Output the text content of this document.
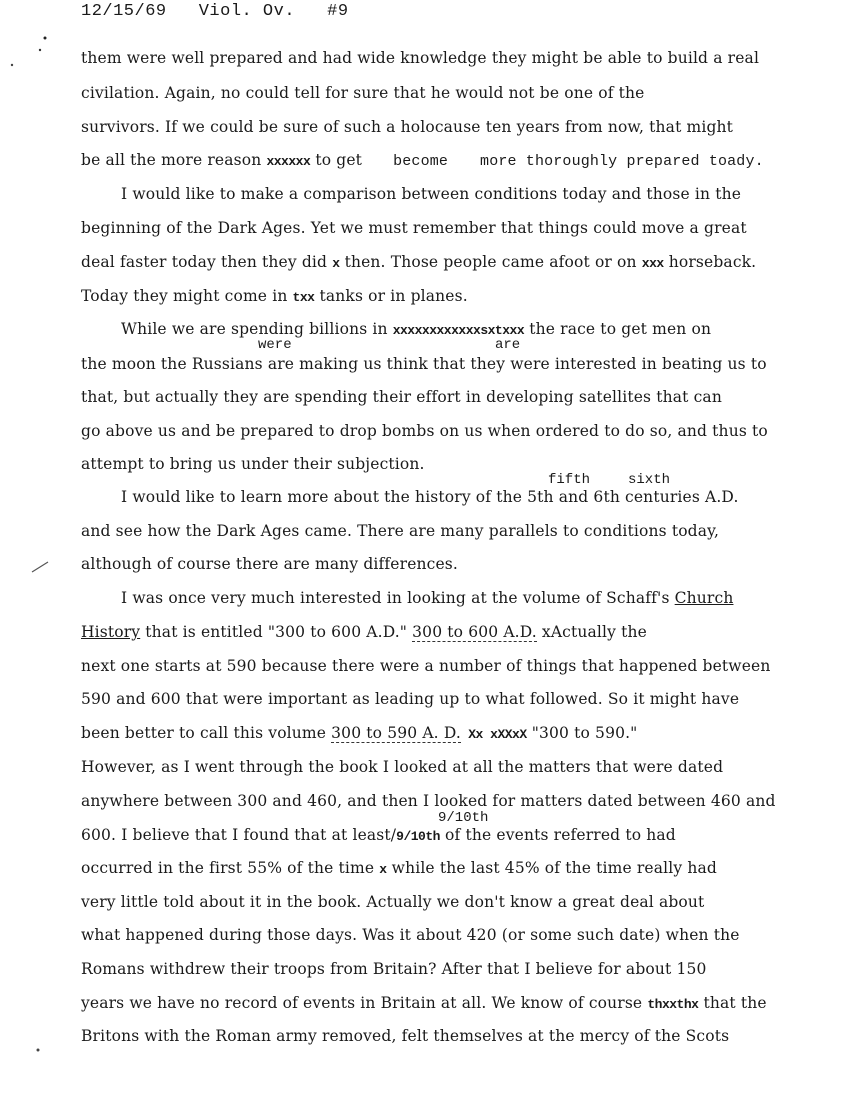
12/15/69   Viol. Ov.   #9
them were well prepared and had wide knowledge they might be able to build a real
civilation. Again, no could tell for sure that he would not be one of the
survivors. If we could be sure of such a holocause ten years from now, that might
be all the more reason xxxxxx to get become more thoroughly prepared toady.
I would like to make a comparison between conditions today and those in the
beginning of the Dark Ages. Yet we must remember that things could move a great
deal faster today then they did x then. Those people came afoot or on xxx horseback.
Today they might come in txx tanks or in planes.
While we are spending billions in xxxxxxxxxxxxsxtxxx the race to get men on
were	are
the moon the Russians are making us think that they were interested in beating us to
that, but actually they are spending their effort in developing satellites that can
go above us and be prepared to drop bombs on us when ordered to do so, and thus to
attempt to bring us under their subjection.
fifth	sixth
I would like to learn more about the history of the 5th and 6th centuries A.D.
and see how the Dark Ages came. There are many parallels to conditions today,
although of course there are many differences.
I was once very much interested in looking at the volume of Schaff's Church
History that is entitled "300 to 600 A.D." 300 to 600 A.D. xActually the
next one starts at 590 because there were a number of things that happened between
590 and 600 that were important as leading up to what followed. So it might have
been better to call this volume 300 to 590 A. D. Xx xXXxX "300 to 590."
However, as I went through the book I looked at all the matters that were dated
anywhere between 300 and 460, and then I looked for matters dated between 460 and
9/10th
600. I believe that I found that at least/9/10th of the events referred to had
occurred in the first 55% of the time x while the last 45% of the time really had
very little told about it in the book. Actually we don't know a great deal about
what happened during those days. Was it about 420 (or some such date) when the
Romans withdrew their troops from Britain? After that I believe for about 150
years we have no record of events in Britain at all. We know of course thxxthx that the
Britons with the Roman army removed, felt themselves at the mercy of the Scots
